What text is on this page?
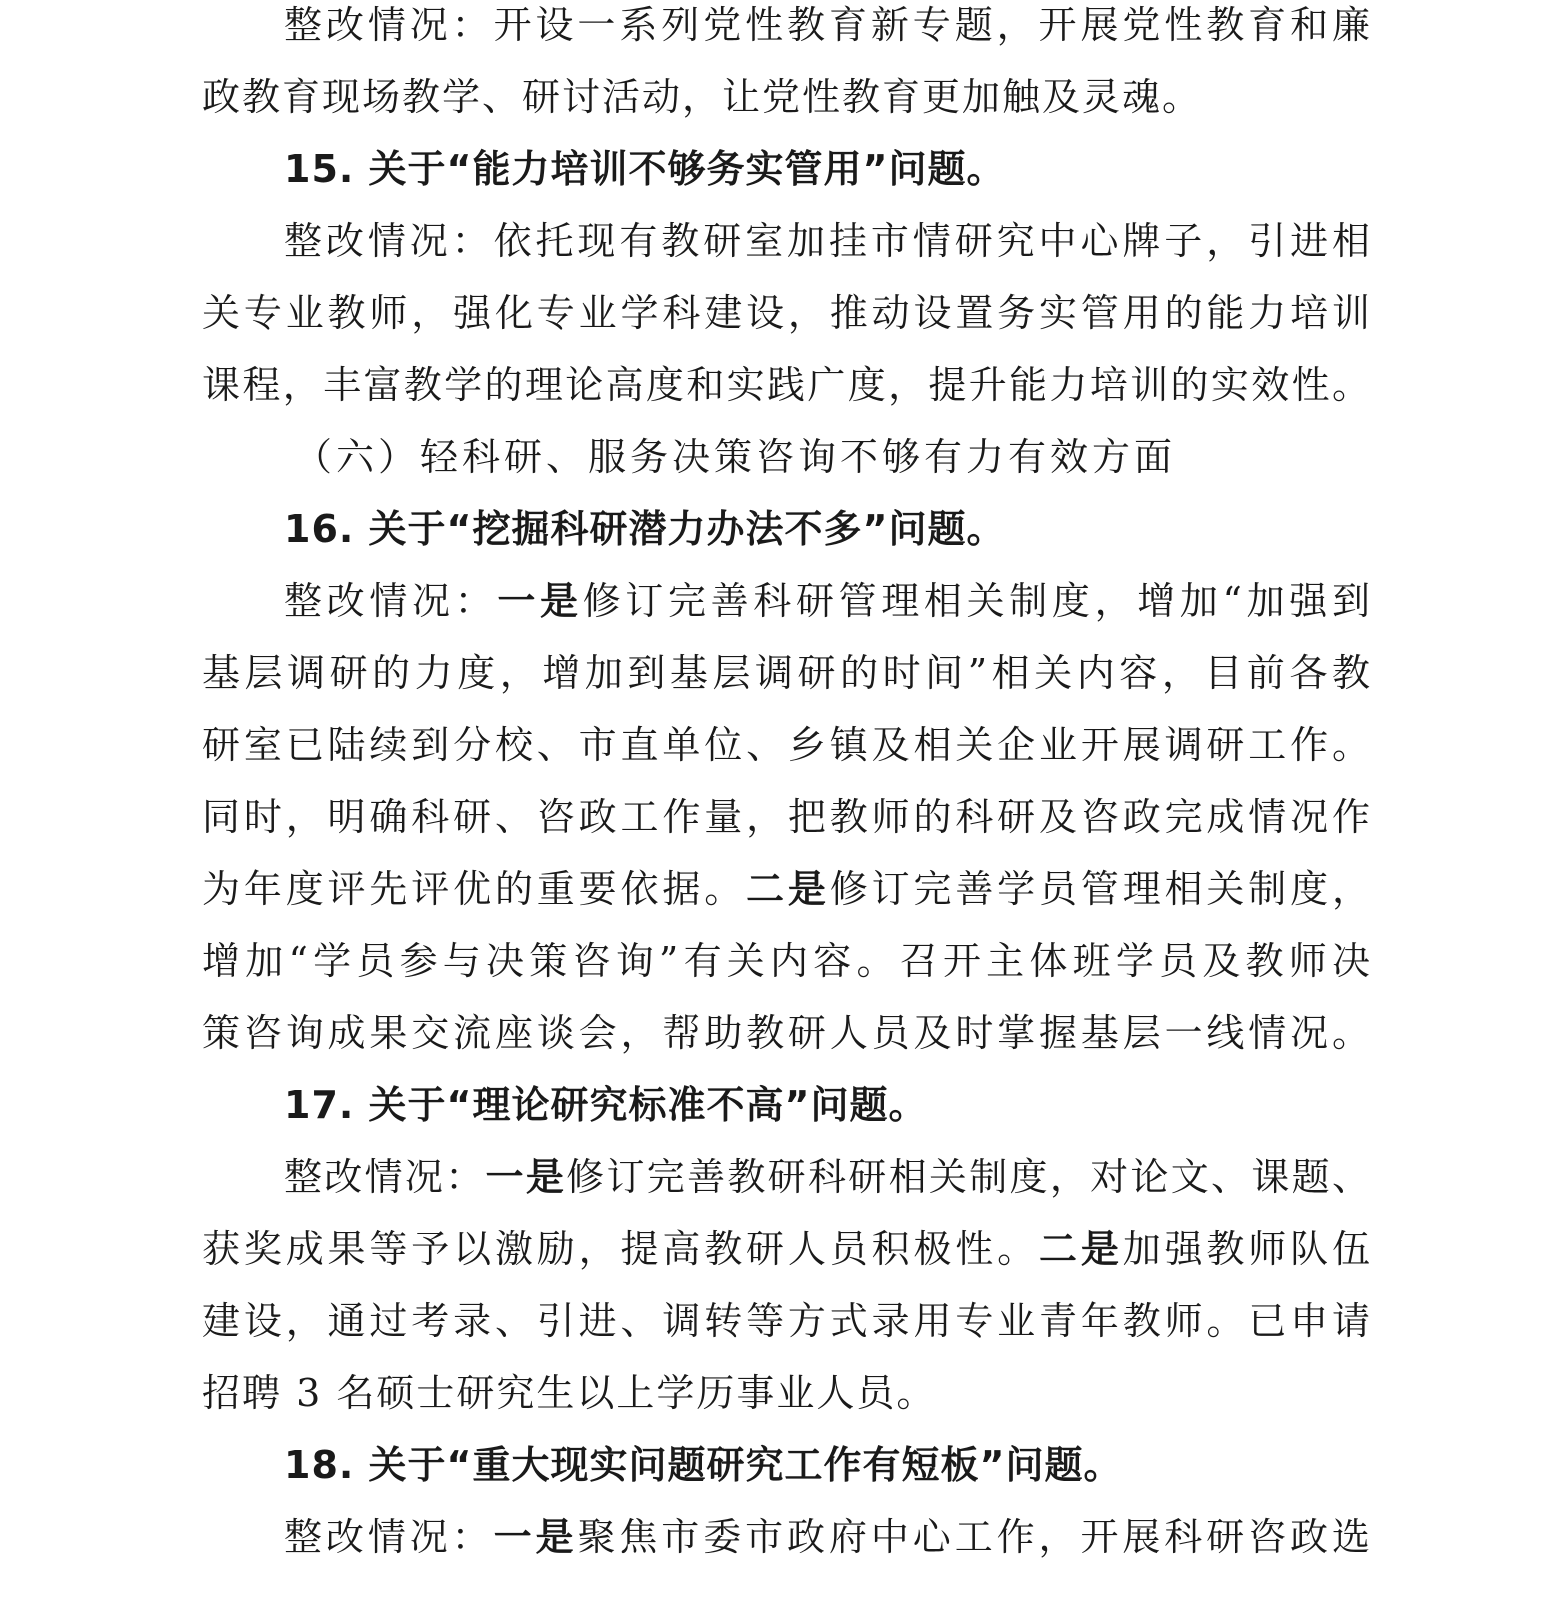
整改情况：开设一系列党性教育新专题，开展党性教育和廉
政教育现场教学、研讨活动，让党性教育更加触及灵魂。
15. 关于“能力培训不够务实管用”问题。
整改情况：依托现有教研室加挂市情研究中心牌子，引进相
关专业教师，强化专业学科建设，推动设置务实管用的能力培训
课程，丰富教学的理论高度和实践广度，提升能力培训的实效性。
（六）轻科研、服务决策咨询不够有力有效方面
16. 关于“挖掘科研潜力办法不多”问题。
整改情况：一是修订完善科研管理相关制度，增加“加强到
基层调研的力度，增加到基层调研的时间”相关内容，目前各教
研室已陆续到分校、市直单位、乡镇及相关企业开展调研工作。
同时，明确科研、咨政工作量，把教师的科研及咨政完成情况作
为年度评先评优的重要依据。二是修订完善学员管理相关制度，
增加“学员参与决策咨询”有关内容。召开主体班学员及教师决
策咨询成果交流座谈会，帮助教研人员及时掌握基层一线情况。
17. 关于“理论研究标准不高”问题。
整改情况：一是修订完善教研科研相关制度，对论文、课题、
获奖成果等予以激励，提高教研人员积极性。二是加强教师队伍
建设，通过考录、引进、调转等方式录用专业青年教师。已申请
招聘 3 名硕士研究生以上学历事业人员。
18. 关于“重大现实问题研究工作有短板”问题。
整改情况：一是聚焦市委市政府中心工作，开展科研咨政选
